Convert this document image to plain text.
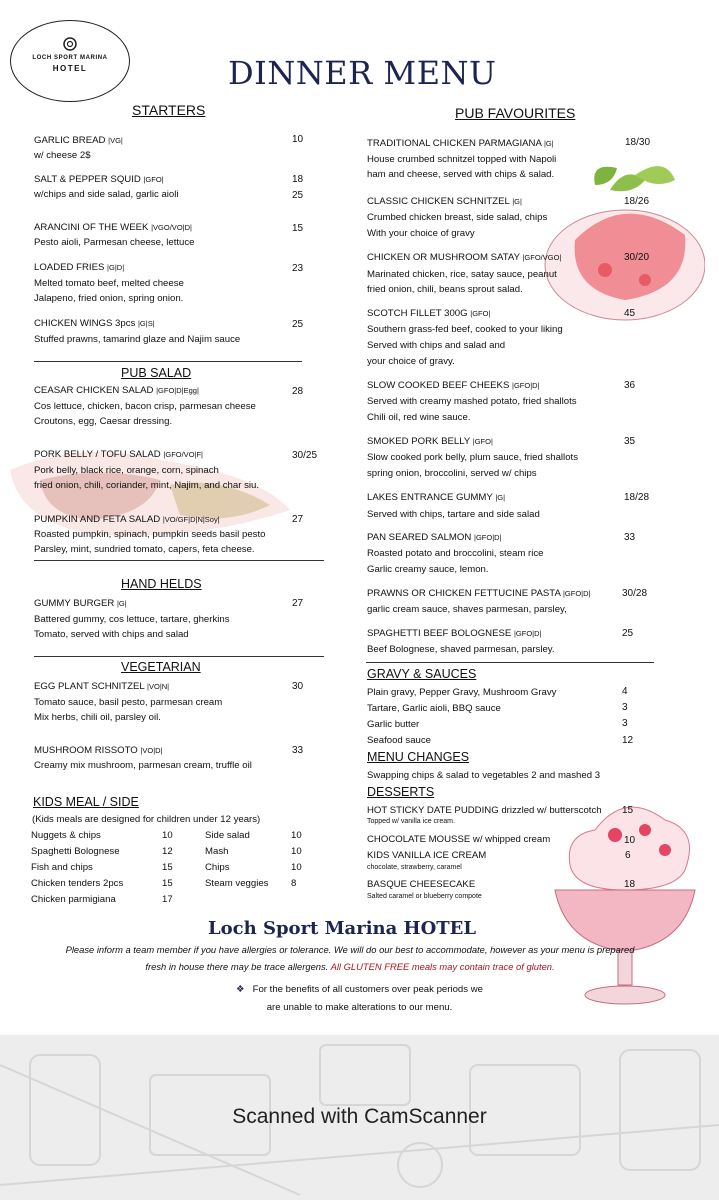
LOCH SPORT MARINA
HOTEL	DINNER MENU
STARTERS
GARLIC BREAD |VG|
w/ cheese 2$
10
SALT & PEPPER SQUID |GFO|
w/chips and side salad, garlic aioli
18
25
ARANCINI OF THE WEEK |VGO/VO|D|
Pesto aioli, Parmesan cheese, lettuce
15
LOADED FRIES |G|D|
Melted tomato beef, melted cheese
Jalapeno, fried onion, spring onion.
23
CHICKEN WINGS 3pcs |G|S|
Stuffed prawns, tamarind glaze and Najim sauce
25
PUB SALAD
CEASAR CHICKEN SALAD |GFO|D|Egg|
Cos lettuce, chicken, bacon crisp, parmesan cheese
Croutons, egg, Caesar dressing.
28
PORK BELLY / TOFU SALAD |GFO/VO|F|
Pork belly, black rice, orange, corn, spinach
fried onion, chili, coriander, mint, Najim, and char siu.
30/25
PUMPKIN AND FETA SALAD |VO/GF|D|N|Soy|
Roasted pumpkin, spinach, pumpkin seeds basil pesto
Parsley, mint, sundried tomato, capers, feta cheese.
27
HAND HELDS
GUMMY BURGER |G|
Battered gummy, cos lettuce, tartare, gherkins
Tomato, served with chips and salad
27
VEGETARIAN
EGG PLANT SCHNITZEL |VO|N|
Tomato sauce, basil pesto, parmesan cream
Mix herbs, chili oil, parsley oil.
30
MUSHROOM RISSOTO |VO|D|
Creamy mix mushroom, parmesan cream, truffle oil
33
KIDS MEAL / SIDE
(Kids meals are designed for children under 12 years)
Nuggets & chips	10	Side salad	10
Spaghetti Bolognese	12	Mash	10
Fish and chips	15	Chips	10
Chicken tenders 2pcs	15	Steam veggies	8
Chicken parmigiana	17		
PUB FAVOURITES
TRADITIONAL CHICKEN PARMAGIANA |G|
House crumbed schnitzel topped with Napoli
ham and cheese, served with chips & salad.
18/30
CLASSIC CHICKEN SCHNITZEL |G|
Crumbed chicken breast, side salad, chips
With your choice of gravy
18/26
CHICKEN OR MUSHROOM SATAY |GFO/VGO|
Marinated chicken, rice, satay sauce, peanut
fried onion, chili, beans sprout salad.
30/20
SCOTCH FILLET 300G |GFO|
Southern grass-fed beef, cooked to your liking
Served with chips and salad and
your choice of gravy.
45
SLOW COOKED BEEF CHEEKS |GFO|D|
Served with creamy mashed potato, fried shallots
Chili oil, red wine sauce.
36
SMOKED PORK BELLY |GFO|
Slow cooked pork belly, plum sauce, fried shallots
spring onion, broccolini, served w/ chips
35
LAKES ENTRANCE GUMMY |G|
Served with chips, tartare and side salad
18/28
PAN SEARED SALMON |GFO|D|
Roasted potato and broccolini, steam rice
Garlic creamy sauce, lemon.
33
PRAWNS OR CHICKEN FETTUCINE PASTA |GFO|D|
garlic cream sauce, shaves parmesan, parsley,
30/28
SPAGHETTI BEEF BOLOGNESE |GFO|D|
Beef Bolognese, shaved parmesan, parsley.
25
GRAVY & SAUCES
Plain gravy, Pepper Gravy, Mushroom Gravy	4
Tartare, Garlic aioli, BBQ sauce	3
Garlic butter	3
Seafood sauce	12
MENU CHANGES
Swapping chips & salad to vegetables 2 and mashed 3
DESSERTS
HOT STICKY DATE PUDDING drizzled w/ butterscotch
Topped w/ vanilla ice cream.
15
CHOCOLATE MOUSSE w/ whipped cream	10
KIDS VANILLA ICE CREAM
chocolate, strawberry, caramel
6
BASQUE CHEESECAKE
Salted caramel or blueberry compote
18
Loch Sport Marina HOTEL
Please inform a team member if you have allergies or tolerance. We will do our best to accommodate, however as your menu is prepared
fresh in house there may be trace allergens. All GLUTEN FREE meals may contain trace of gluten.
❖ For the benefits of all customers over peak periods we
are unable to make alterations to our menu.
Scanned with CamScanner
